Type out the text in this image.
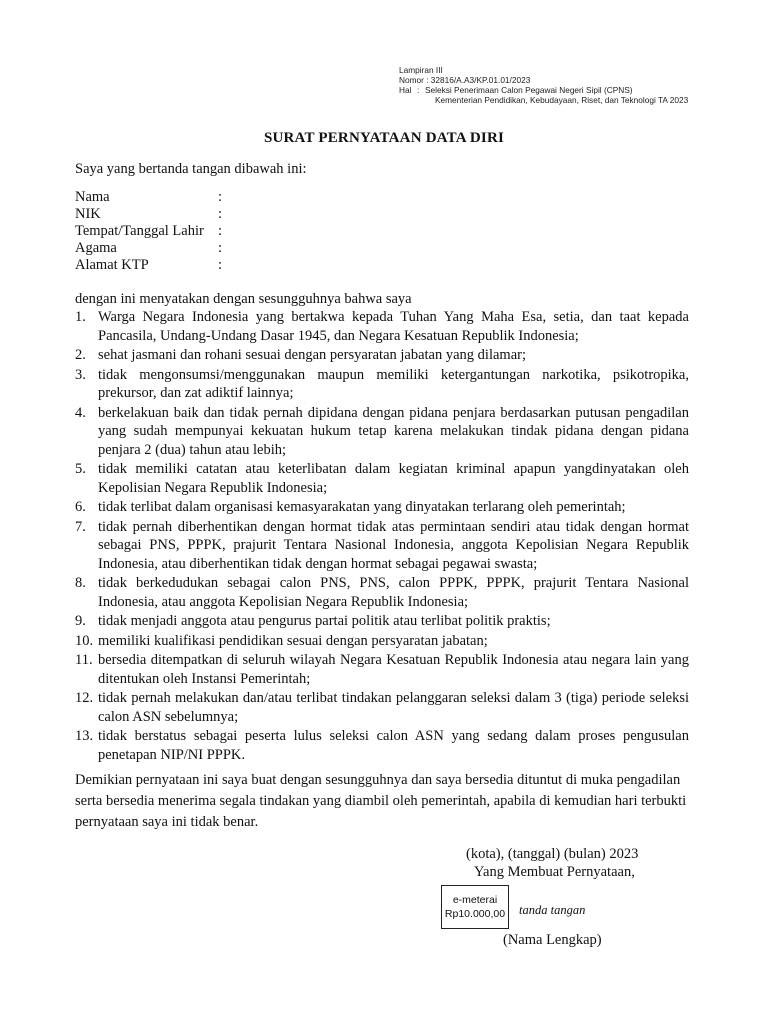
Lampiran III
Nomor : 32816/A.A3/KP.01.01/2023
Hal : Seleksi Penerimaan Calon Pegawai Negeri Sipil (CPNS)
Kementerian Pendidikan, Kebudayaan, Riset, dan Teknologi TA 2023
SURAT PERNYATAAN DATA DIRI
Saya yang bertanda tangan dibawah ini:
Nama	:
NIK	:
Tempat/Tanggal Lahir :
Agama	:
Alamat KTP	:
dengan ini menyatakan dengan sesungguhnya bahwa saya
1. Warga Negara Indonesia yang bertakwa kepada Tuhan Yang Maha Esa, setia, dan taat kepada Pancasila, Undang-Undang Dasar 1945, dan Negara Kesatuan Republik Indonesia;
2. sehat jasmani dan rohani sesuai dengan persyaratan jabatan yang dilamar;
3. tidak mengonsumsi/menggunakan maupun memiliki ketergantungan narkotika, psikotropika, prekursor, dan zat adiktif lainnya;
4. berkelakuan baik dan tidak pernah dipidana dengan pidana penjara berdasarkan putusan pengadilan yang sudah mempunyai kekuatan hukum tetap karena melakukan tindak pidana dengan pidana penjara 2 (dua) tahun atau lebih;
5. tidak memiliki catatan atau keterlibatan dalam kegiatan kriminal apapun yangdinyatakan oleh Kepolisian Negara Republik Indonesia;
6. tidak terlibat dalam organisasi kemasyarakatan yang dinyatakan terlarang oleh pemerintah;
7. tidak pernah diberhentikan dengan hormat tidak atas permintaan sendiri atau tidak dengan hormat sebagai PNS, PPPK, prajurit Tentara Nasional Indonesia, anggota Kepolisian Negara Republik Indonesia, atau diberhentikan tidak dengan hormat sebagai pegawai swasta;
8. tidak berkedudukan sebagai calon PNS, PNS, calon PPPK, PPPK, prajurit Tentara Nasional Indonesia, atau anggota Kepolisian Negara Republik Indonesia;
9. tidak menjadi anggota atau pengurus partai politik atau terlibat politik praktis;
10. memiliki kualifikasi pendidikan sesuai dengan persyaratan jabatan;
11. bersedia ditempatkan di seluruh wilayah Negara Kesatuan Republik Indonesia atau negara lain yang ditentukan oleh Instansi Pemerintah;
12. tidak pernah melakukan dan/atau terlibat tindakan pelanggaran seleksi dalam 3 (tiga) periode seleksi calon ASN sebelumnya;
13. tidak berstatus sebagai peserta lulus seleksi calon ASN yang sedang dalam proses pengusulan penetapan NIP/NI PPPK.
Demikian pernyataan ini saya buat dengan sesungguhnya dan saya bersedia dituntut di muka pengadilan serta bersedia menerima segala tindakan yang diambil oleh pemerintah, apabila di kemudian hari terbukti pernyataan saya ini tidak benar.
(kota), (tanggal) (bulan) 2023
Yang Membuat Pernyataan,
e-meterai
Rp10.000,00 tanda tangan
(Nama Lengkap)
